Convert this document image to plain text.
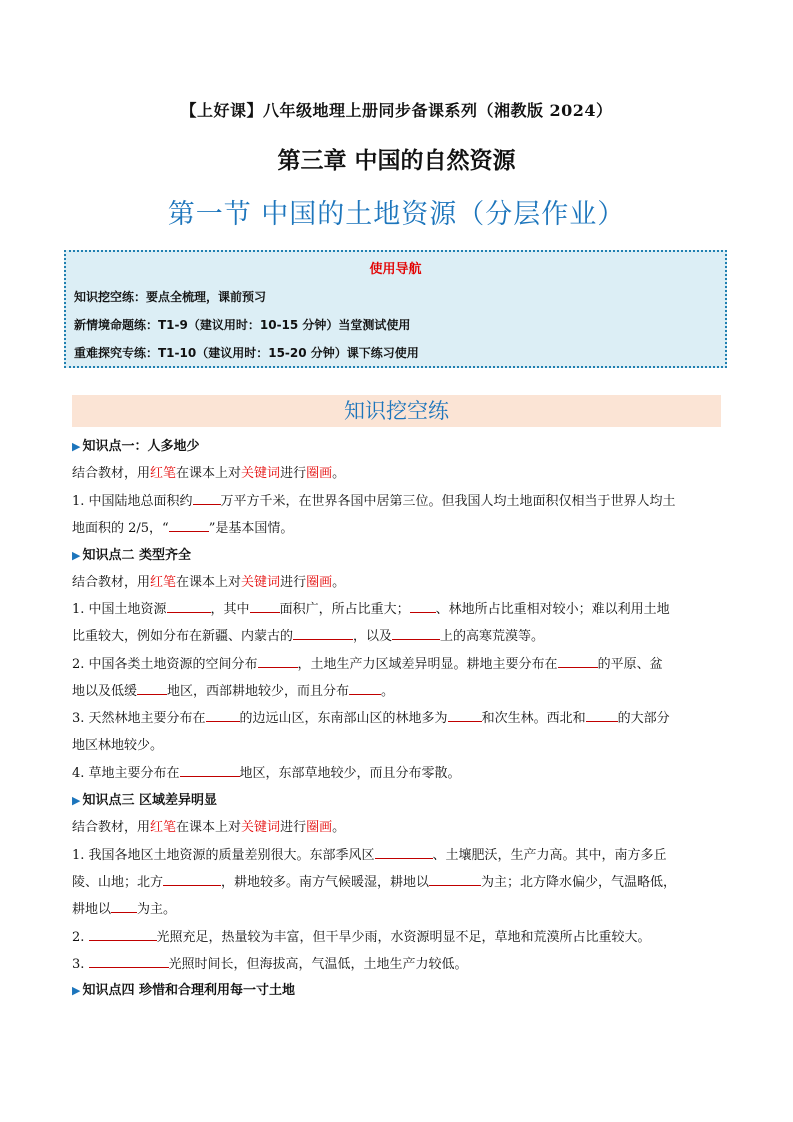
【上好课】八年级地理上册同步备课系列（湘教版 2024）
第三章 中国的自然资源
第一节 中国的土地资源（分层作业）
使用导航
知识挖空练：要点全梳理，课前预习
新情境命题练：T1-9（建议用时：10-15 分钟）当堂测试使用
重难探究专练：T1-10（建议用时：15-20 分钟）课下练习使用
知识挖空练
▶ 知识点一：人多地少
结合教材，用红笔在课本上对关键词进行圈画。
1. 中国陆地总面积约 万平方千米，在世界各国中居第三位。但我国人均土地面积仅相当于世界人均土
地面积的 2/5，“	”是基本国情。
▶ 知识点二 类型齐全
结合教材，用红笔在课本上对关键词进行圈画。
1. 中国土地资源	，其中 面积广，所占比重大； 、林地所占比重相对较小；难以利用土地
比重较大，例如分布在新疆、内蒙古的	，以及	上的高寒荒漠等。
2. 中国各类土地资源的空间分布	，土地生产力区域差异明显。耕地主要分布在	的平原、盆
地以及低缓 地区，西部耕地较少，而且分布 。
3. 天然林地主要分布在	的边远山区，东南部山区的林地多为	和次生林。西北和 的大部分
地区林地较少。
4. 草地主要分布在	地区，东部草地较少，而且分布零散。
▶ 知识点三 区域差异明显
结合教材，用红笔在课本上对关键词进行圈画。
1. 我国各地区土地资源的质量差别很大。东部季风区	、土壤肥沃，生产力高。其中，南方多丘
陵、山地；北方	，耕地较多。南方气候暖湿，耕地以	为主；北方降水偏少，气温略低，
耕地以 为主。
2.	光照充足，热量较为丰富，但干旱少雨，水资源明显不足，草地和荒漠所占比重较大。
3.	光照时间长，但海拔高，气温低，土地生产力较低。
▶ 知识点四 珍惜和合理利用每一寸土地
